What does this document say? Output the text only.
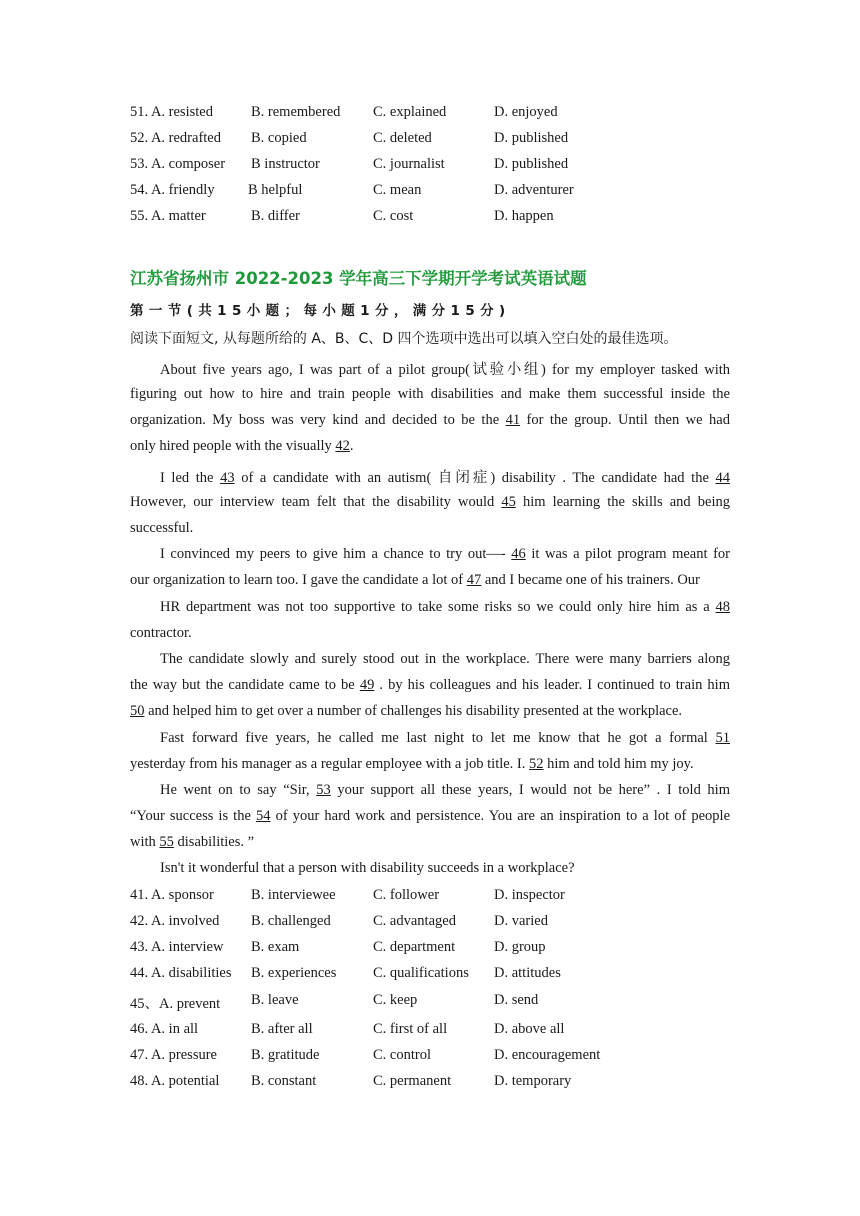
51. A. resisted	B. remembered C. explained	D. enjoyed
52. A. redrafted B. copied	C. deleted	D. published
53. A. composer B instructor	C. journalist	D. published
54. A. friendly B helpful	C. mean	D. adventurer
55. A. matter	B. differ	C. cost	D. happen
江苏省扬州市 2022-2023 学年高三下学期开学考试英语试题
第一节(共15小题；每小题1分，满分15分)
阅读下面短文, 从每题所给的 A、B、C、D 四个选项中选出可以填入空白处的最佳选项。
About five years ago, I was part of a pilot group(试验小组) for my employer tasked with
figuring out how to hire and train people with disabilities and make them successful inside the
organization. My boss was very kind and decided to be the 41 for the group. Until then we had
only hired people with the visually 42.
I led the 43 of a candidate with an autism( 自闭症) disability . The candidate had the 44
However, our interview team felt that the disability would 45 him learning the skills and being
successful.
I convinced my peers to give him a chance to try out—- 46 it was a pilot program meant for
our organization to learn too. I gave the candidate a lot of 47 and I became one of his trainers. Our
HR department was not too supportive to take some risks so we could only hire him as a 48
contractor.
The candidate slowly and surely stood out in the workplace. There were many barriers along
the way but the candidate came to be 49 . by his colleagues and his leader. I continued to train him
50 and helped him to get over a number of challenges his disability presented at the workplace.
Fast forward five years, he called me last night to let me know that he got a formal 51
yesterday from his manager as a regular employee with a job title. I. 52 him and told him my joy.
He went on to say “Sir, 53 your support all these years, I would not be here” . I told him
“Your success is the 54 of your hard work and persistence. You are an inspiration to a lot of people
with 55 disabilities. ”
Isn't it wonderful that a person with disability succeeds in a workplace?
41. A. sponsor	B. interviewee	C. follower	D. inspector
42. A. involved B. challenged	C. advantaged	D. varied
43. A. interview B. exam	C. department	D. group
44. A. disabilities B. experiences	C. qualifications D. attitudes
45、A. prevent B. leave	C. keep	D. send
46. A. in all	B. after all	C. first of all	D. above all
47. A. pressure B. gratitude	C. control	D. encouragement
48. A. potential B. constant	C. permanent	D. temporary
